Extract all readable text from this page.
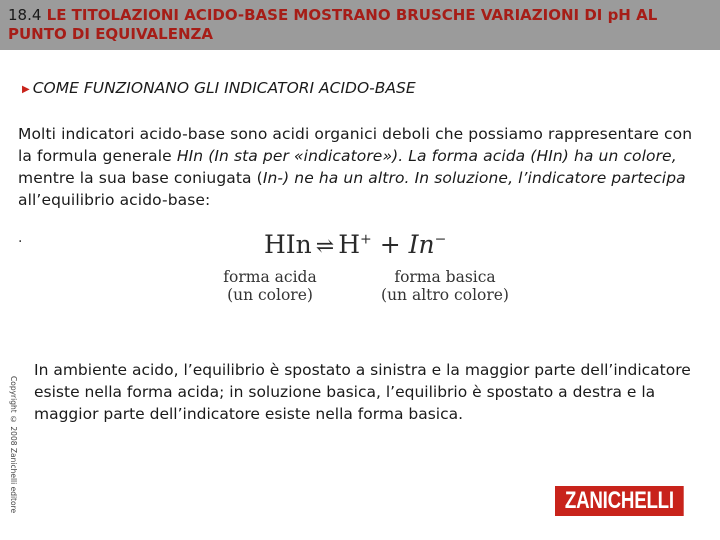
18.4 LE TITOLAZIONI ACIDO-BASE MOSTRANO BRUSCHE VARIAZIONI DI pH AL PUNTO DI EQUIVALENZA
▶ COME FUNZIONANO GLI INDICATORI ACIDO-BASE
Molti indicatori acido-base sono acidi organici deboli che possiamo rappresentare con la formula generale HIn (In sta per «indicatore»). La forma acida (HIn) ha un colore, mentre la sua base coniugata (In-) ne ha un altro. In soluzione, l’indicatore partecipa all’equilibrio acido-base:
.	HIn ⇌ H+ + In−
forma acida
(un colore)
forma basica
(un altro colore)
In ambiente acido, l’equilibrio è spostato a sinistra e la maggior parte dell’indicatore esiste nella forma acida; in soluzione basica, l’equilibrio è spostato a destra e la maggior parte dell’indicatore esiste nella forma basica.
Copyright © 2008 Zanichelli editore	ZANICHELLI
